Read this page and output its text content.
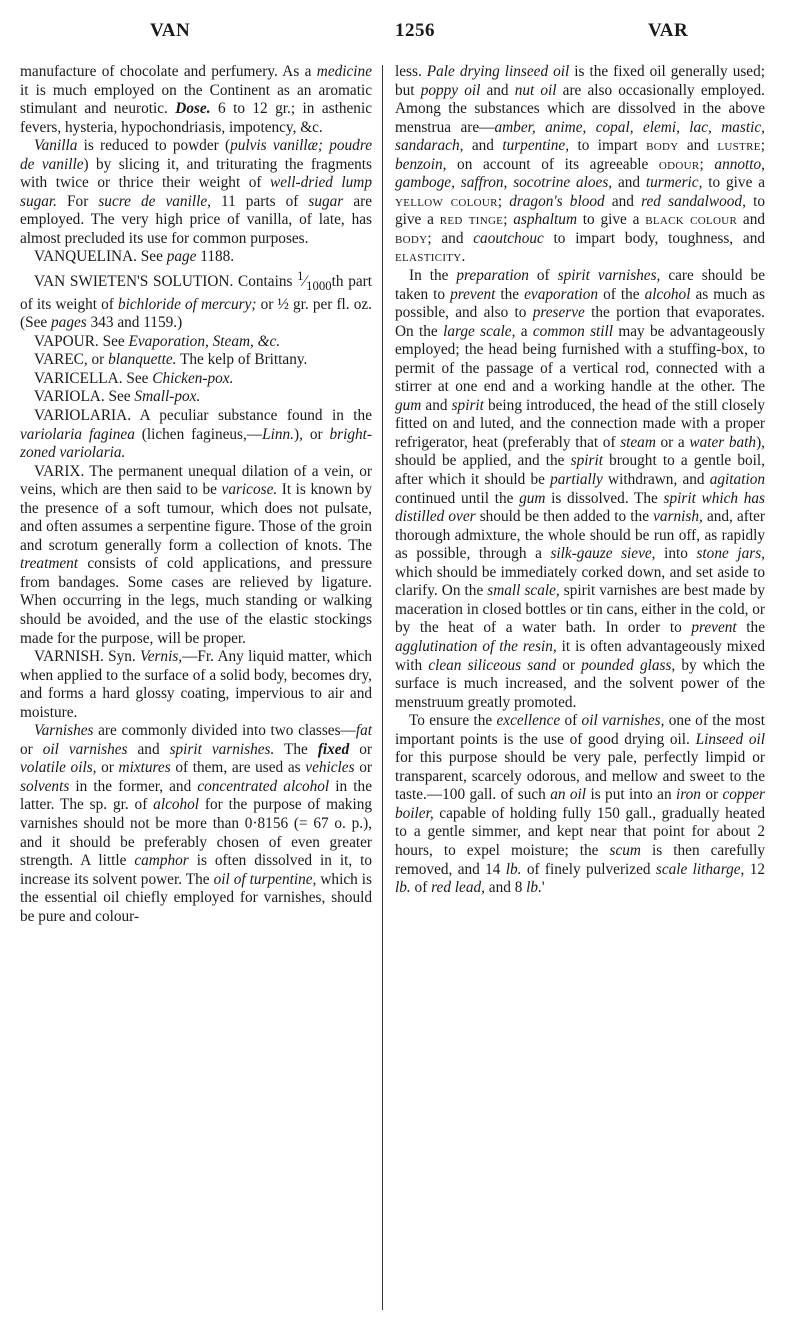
VAN	1256	VAR

manufacture of chocolate and perfumery. As a medicine it is much employed on the Continent as an aromatic stimulant and neurotic. Dose. 6 to 12 gr.; in asthenic fevers, hysteria, hypochondriasis, impotency, &c.

Vanilla is reduced to powder (pulvis vanillæ; poudre de vanille) by slicing it, and triturating the fragments with twice or thrice their weight of well-dried lump sugar. For sucre de vanille, 11 parts of sugar are employed. The very high price of vanilla, of late, has almost precluded its use for common purposes.

VANQUELINA. See page 1188.

VAN SWIETEN'S SOLUTION. Contains $^1⁄_{1000}th$ part of its weight of bichloride of mercury; or ½ gr. per fl. oz. (See pages 343 and 1159.)

VAPOUR. See Evaporation, Steam, &c.

VAREC, or blanquette. The kelp of Brittany.

VARICELLA. See Chicken-pox.

VARIOLA. See Small-pox.

VARIOLARIA. A peculiar substance found in the variolaria faginea (lichen fagineus,—Linn.), or bright-zoned variolaria.

VARIX. The permanent unequal dilation of a vein, or veins, which are then said to be varicose. It is known by the presence of a soft tumour, which does not pulsate, and often assumes a serpentine figure. Those of the groin and scrotum generally form a collection of knots. The treatment consists of cold applications, and pressure from bandages. Some cases are relieved by ligature. When occurring in the legs, much standing or walking should be avoided, and the use of the elastic stockings made for the purpose, will be proper.

VARNISH. Syn. Vernis,—Fr. Any liquid matter, which when applied to the surface of a solid body, becomes dry, and forms a hard glossy coating, impervious to air and moisture.

Varnishes are commonly divided into two classes—fat or oil varnishes and spirit varnishes. The fixed or volatile oils, or mixtures of them, are used as vehicles or solvents in the former, and concentrated alcohol in the latter. The sp. gr. of alcohol for the purpose of making varnishes should not be more than 0·8156 (= 67 o. p.), and it should be preferably chosen of even greater strength. A little camphor is often dissolved in it, to increase its solvent power. The oil of turpentine, which is the essential oil chiefly employed for varnishes, should be pure and colour-

less. Pale drying linseed oil is the fixed oil generally used; but poppy oil and nut oil are also occasionally employed. Among the substances which are dissolved in the above menstrua are—amber, anime, copal, elemi, lac, mastic, sandarach, and turpentine, to impart body and lustre; benzoin, on account of its agreeable odour; annotto, gamboge, saffron, socotrine aloes, and turmeric, to give a yellow colour; dragon's blood and red sandalwood, to give a red tinge; asphaltum to give a black colour and body; and caoutchouc to impart body, toughness, and elasticity.

In the preparation of spirit varnishes, care should be taken to prevent the evaporation of the alcohol as much as possible, and also to preserve the portion that evaporates. On the large scale, a common still may be advantageously employed; the head being furnished with a stuffing-box, to permit of the passage of a vertical rod, connected with a stirrer at one end and a working handle at the other. The gum and spirit being introduced, the head of the still closely fitted on and luted, and the connection made with a proper refrigerator, heat (preferably that of steam or a water bath), should be applied, and the spirit brought to a gentle boil, after which it should be partially withdrawn, and agitation continued until the gum is dissolved. The spirit which has distilled over should be then added to the varnish, and, after thorough admixture, the whole should be run off, as rapidly as possible, through a silk-gauze sieve, into stone jars, which should be immediately corked down, and set aside to clarify. On the small scale, spirit varnishes are best made by maceration in closed bottles or tin cans, either in the cold, or by the heat of a water bath. In order to prevent the agglutination of the resin, it is often advantageously mixed with clean siliceous sand or pounded glass, by which the surface is much increased, and the solvent power of the menstruum greatly promoted.

To ensure the excellence of oil varnishes, one of the most important points is the use of good drying oil. Linseed oil for this purpose should be very pale, perfectly limpid or transparent, scarcely odorous, and mellow and sweet to the taste.—100 gall. of such an oil is put into an iron or copper boiler, capable of holding fully 150 gall., gradually heated to a gentle simmer, and kept near that point for about 2 hours, to expel moisture; the scum is then carefully removed, and 14 lb. of finely pulverized scale litharge, 12 lb. of red lead, and 8 lb.'
